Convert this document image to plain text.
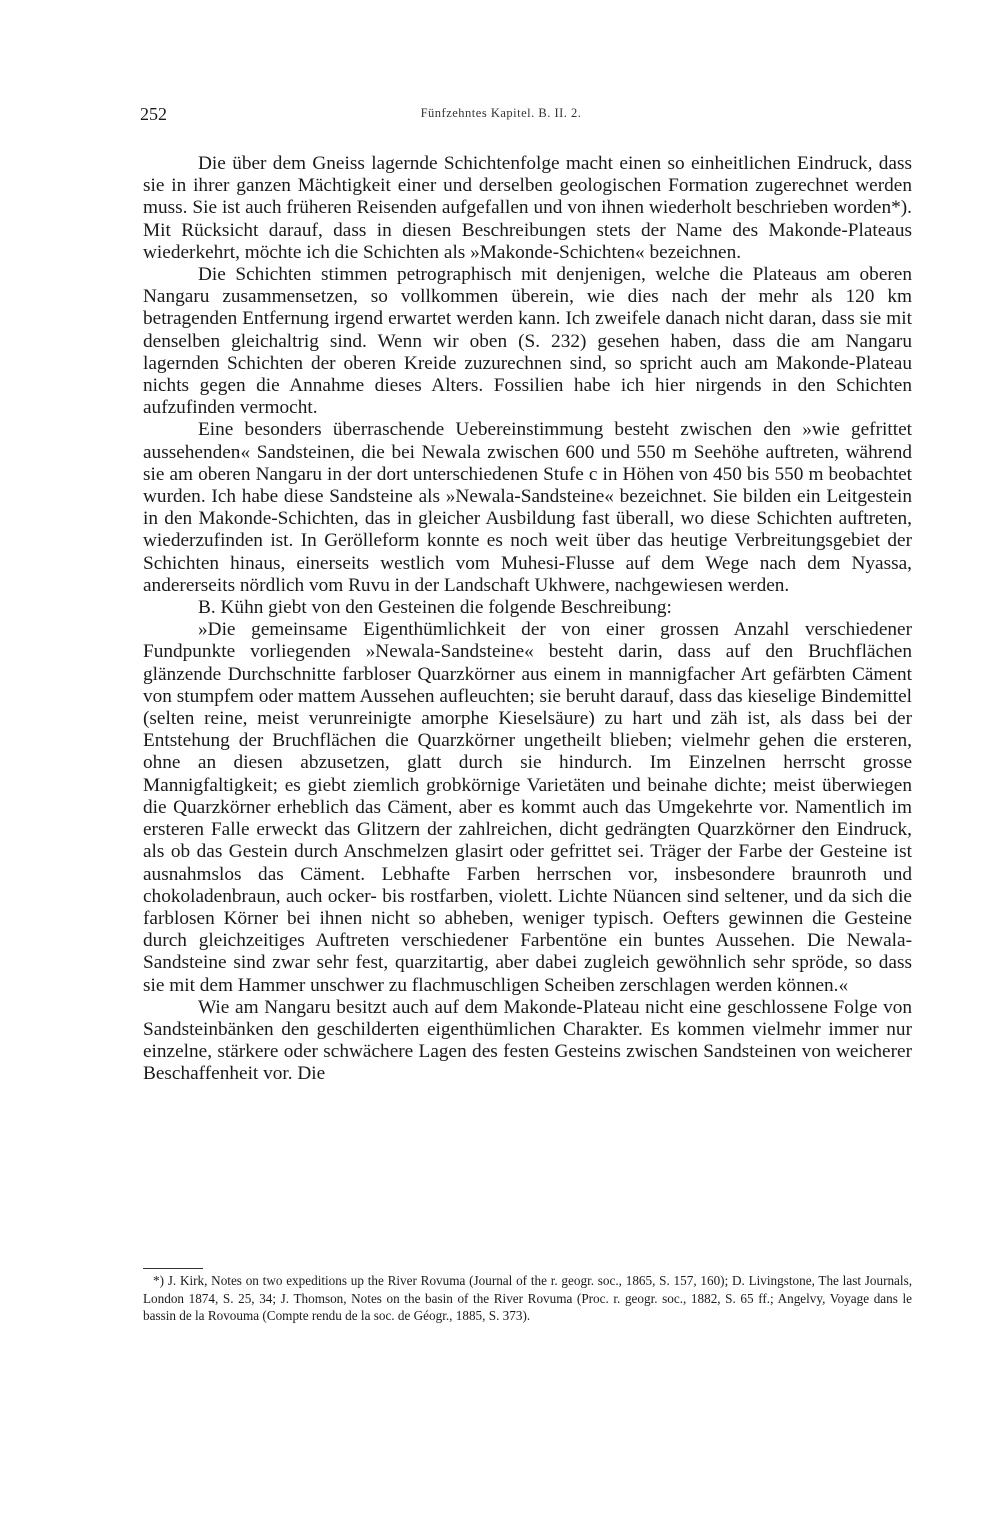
252	Fünfzehntes Kapitel. B. II. 2.

Die über dem Gneiss lagernde Schichtenfolge macht einen so einheitlichen Eindruck, dass sie in ihrer ganzen Mächtigkeit einer und derselben geologischen Formation zugerechnet werden muss. Sie ist auch früheren Reisenden aufgefallen und von ihnen wiederholt beschrieben worden*). Mit Rücksicht darauf, dass in diesen Beschreibungen stets der Name des Makonde-Plateaus wiederkehrt, möchte ich die Schichten als »Makonde-Schichten« bezeichnen.

Die Schichten stimmen petrographisch mit denjenigen, welche die Plateaus am oberen Nangaru zusammensetzen, so vollkommen überein, wie dies nach der mehr als 120 km betragenden Entfernung irgend erwartet werden kann. Ich zweifele danach nicht daran, dass sie mit denselben gleichaltrig sind. Wenn wir oben (S. 232) gesehen haben, dass die am Nangaru lagernden Schichten der oberen Kreide zuzurechnen sind, so spricht auch am Makonde-Plateau nichts gegen die Annahme dieses Alters. Fossilien habe ich hier nirgends in den Schichten aufzufinden vermocht.

Eine besonders überraschende Uebereinstimmung besteht zwischen den »wie gefrittet aussehenden« Sandsteinen, die bei Newala zwischen 600 und 550 m Seehöhe auftreten, während sie am oberen Nangaru in der dort unterschiedenen Stufe c in Höhen von 450 bis 550 m beobachtet wurden. Ich habe diese Sandsteine als »Newala-Sandsteine« bezeichnet. Sie bilden ein Leitgestein in den Makonde-Schichten, das in gleicher Ausbildung fast überall, wo diese Schichten auftreten, wiederzufinden ist. In Gerölleform konnte es noch weit über das heutige Verbreitungsgebiet der Schichten hinaus, einerseits westlich vom Muhesi-Flusse auf dem Wege nach dem Nyassa, andererseits nördlich vom Ruvu in der Landschaft Ukhwere, nachgewiesen werden.

B. Kühn giebt von den Gesteinen die folgende Beschreibung:

»Die gemeinsame Eigenthümlichkeit der von einer grossen Anzahl verschiedener Fundpunkte vorliegenden »Newala-Sandsteine« besteht darin, dass auf den Bruchflächen glänzende Durchschnitte farbloser Quarzkörner aus einem in mannigfacher Art gefärbten Cäment von stumpfem oder mattem Aussehen aufleuchten; sie beruht darauf, dass das kieselige Bindemittel (selten reine, meist verunreinigte amorphe Kieselsäure) zu hart und zäh ist, als dass bei der Entstehung der Bruchflächen die Quarzkörner ungetheilt blieben; vielmehr gehen die ersteren, ohne an diesen abzusetzen, glatt durch sie hindurch. Im Einzelnen herrscht grosse Mannigfaltigkeit; es giebt ziemlich grobkörnige Varietäten und beinahe dichte; meist überwiegen die Quarzkörner erheblich das Cäment, aber es kommt auch das Umgekehrte vor. Namentlich im ersteren Falle erweckt das Glitzern der zahlreichen, dicht gedrängten Quarzkörner den Eindruck, als ob das Gestein durch Anschmelzen glasirt oder gefrittet sei. Träger der Farbe der Gesteine ist ausnahmslos das Cäment. Lebhafte Farben herrschen vor, insbesondere braunroth und chokoladenbraun, auch ocker- bis rostfarben, violett. Lichte Nüancen sind seltener, und da sich die farblosen Körner bei ihnen nicht so abheben, weniger typisch. Oefters gewinnen die Gesteine durch gleichzeitiges Auftreten verschiedener Farbentöne ein buntes Aussehen. Die Newala-Sandsteine sind zwar sehr fest, quarzitartig, aber dabei zugleich gewöhnlich sehr spröde, so dass sie mit dem Hammer unschwer zu flachmuschligen Scheiben zerschlagen werden können.«

Wie am Nangaru besitzt auch auf dem Makonde-Plateau nicht eine geschlossene Folge von Sandsteinbänken den geschilderten eigenthümlichen Charakter. Es kommen vielmehr immer nur einzelne, stärkere oder schwächere Lagen des festen Gesteins zwischen Sandsteinen von weicherer Beschaffenheit vor. Die

*) J. Kirk, Notes on two expeditions up the River Rovuma (Journal of the r. geogr. soc., 1865, S. 157, 160); D. Livingstone, The last Journals, London 1874, S. 25, 34; J. Thomson, Notes on the basin of the River Rovuma (Proc. r. geogr. soc., 1882, S. 65 ff.; Angelvy, Voyage dans le bassin de la Rovouma (Compte rendu de la soc. de Géogr., 1885, S. 373).
